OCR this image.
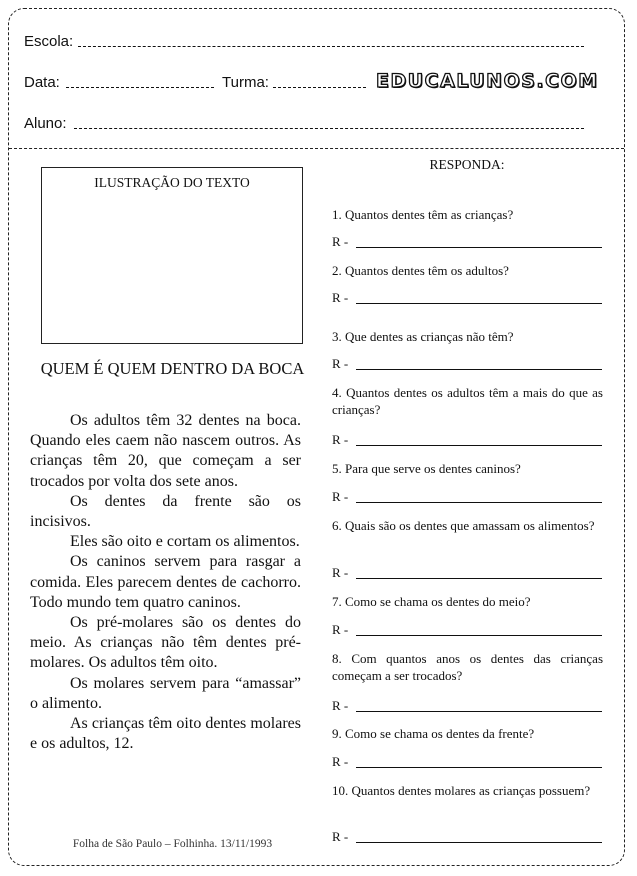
Escola:
Data:	Turma:	EDUCALUNOS.COM
Aluno:
ILUSTRAÇÃO DO TEXTO
QUEM É QUEM DENTRO DA BOCA

Os adultos têm 32 dentes na boca. Quando eles caem não nascem outros. As crianças têm 20, que começam a ser trocados por volta dos sete anos.

Os dentes da frente são os incisivos.

Eles são oito e cortam os alimentos.

Os caninos servem para rasgar a comida. Eles parecem dentes de cachorro. Todo mundo tem quatro caninos.

Os pré-molares são os dentes do meio. As crianças não têm dentes pré-molares. Os adultos têm oito.

Os molares servem para “amassar” o alimento.

As crianças têm oito dentes molares e os adultos, 12.

Folha de São Paulo – Folhinha. 13/11/1993
RESPONDA:
1. Quantos dentes têm as crianças?
R -
2. Quantos dentes têm os adultos?
R -
3. Que dentes as crianças não têm?
R -
4. Quantos dentes os adultos têm a mais do que as crianças?
R -
5. Para que serve os dentes caninos?
R -
6. Quais são os dentes que amassam os alimentos?
R -
7. Como se chama os dentes do meio?
R -
8. Com quantos anos os dentes das crianças começam a ser trocados?
R -
9. Como se chama os dentes da frente?
R -
10. Quantos dentes molares as crianças possuem?
R -
